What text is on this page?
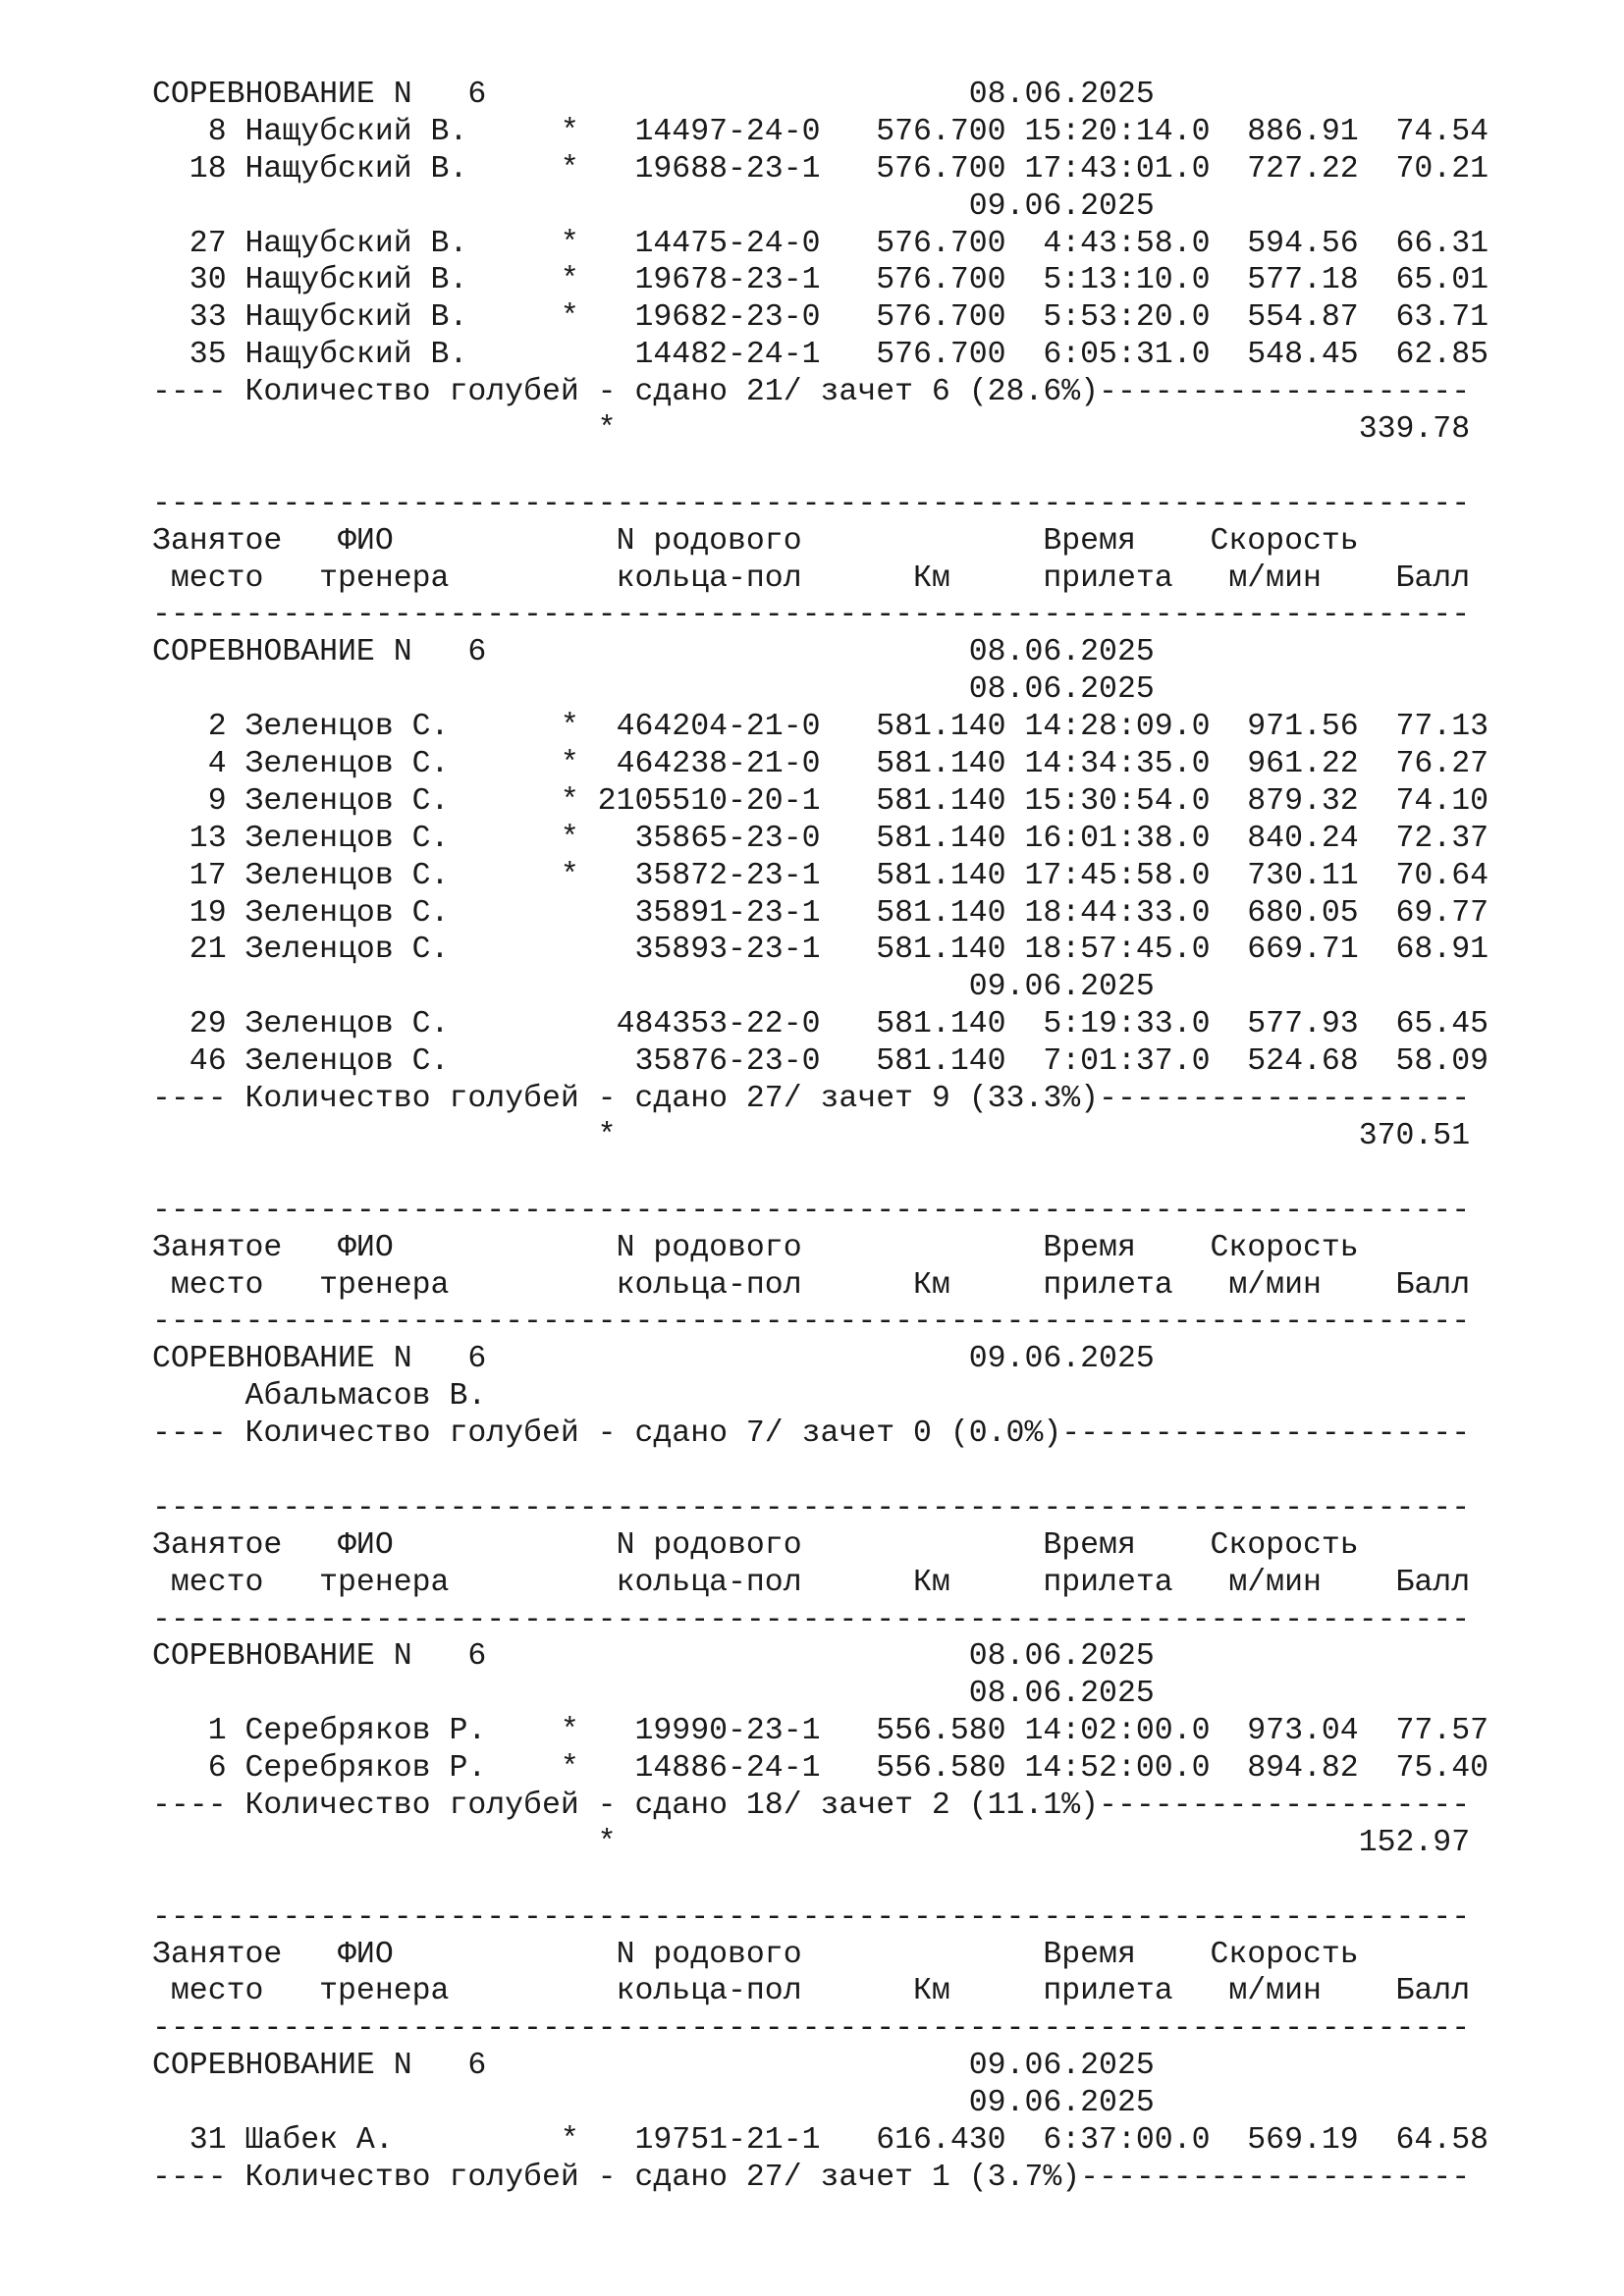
СОРЕВНОВАНИЕ N   6                          08.06.2025
8 Нащубский В.     *   14497-24-0   576.700 15:20:14.0  886.91  74.54
18 Нащубский В.     *   19688-23-1   576.700 17:43:01.0  727.22  70.21
09.06.2025
27 Нащубский В.     *   14475-24-0   576.700  4:43:58.0  594.56  66.31
30 Нащубский В.     *   19678-23-1   576.700  5:13:10.0  577.18  65.01
33 Нащубский В.     *   19682-23-0   576.700  5:53:20.0  554.87  63.71
35 Нащубский В.         14482-24-1   576.700  6:05:31.0  548.45  62.85
---- Количество голубей - сдано 21/ зачет 6 (28.6%)--------------------
*                                        339.78
-----------------------------------------------------------------------
Занятое   ФИО            N родового             Время    Скорость
место   тренера         кольца-пол      Км     прилета   м/мин    Балл
-----------------------------------------------------------------------
СОРЕВНОВАНИЕ N   6                          08.06.2025
08.06.2025
2 Зеленцов С.      *  464204-21-0   581.140 14:28:09.0  971.56  77.13
4 Зеленцов С.      *  464238-21-0   581.140 14:34:35.0  961.22  76.27
9 Зеленцов С.      * 2105510-20-1   581.140 15:30:54.0  879.32  74.10
13 Зеленцов С.      *   35865-23-0   581.140 16:01:38.0  840.24  72.37
17 Зеленцов С.      *   35872-23-1   581.140 17:45:58.0  730.11  70.64
19 Зеленцов С.          35891-23-1   581.140 18:44:33.0  680.05  69.77
21 Зеленцов С.          35893-23-1   581.140 18:57:45.0  669.71  68.91
09.06.2025
29 Зеленцов С.         484353-22-0   581.140  5:19:33.0  577.93  65.45
46 Зеленцов С.          35876-23-0   581.140  7:01:37.0  524.68  58.09
---- Количество голубей - сдано 27/ зачет 9 (33.3%)--------------------
*                                        370.51
-----------------------------------------------------------------------
Занятое   ФИО            N родового             Время    Скорость
место   тренера         кольца-пол      Км     прилета   м/мин    Балл
-----------------------------------------------------------------------
СОРЕВНОВАНИЕ N   6                          09.06.2025
Абальмасов В.
---- Количество голубей - сдано 7/ зачет 0 (0.0%)----------------------
-----------------------------------------------------------------------
Занятое   ФИО            N родового             Время    Скорость
место   тренера         кольца-пол      Км     прилета   м/мин    Балл
-----------------------------------------------------------------------
СОРЕВНОВАНИЕ N   6                          08.06.2025
08.06.2025
1 Серебряков Р.    *   19990-23-1   556.580 14:02:00.0  973.04  77.57
6 Серебряков Р.    *   14886-24-1   556.580 14:52:00.0  894.82  75.40
---- Количество голубей - сдано 18/ зачет 2 (11.1%)--------------------
*                                        152.97
-----------------------------------------------------------------------
Занятое   ФИО            N родового             Время    Скорость
место   тренера         кольца-пол      Км     прилета   м/мин    Балл
-----------------------------------------------------------------------
СОРЕВНОВАНИЕ N   6                          09.06.2025
09.06.2025
31 Шабек А.         *   19751-21-1   616.430  6:37:00.0  569.19  64.58
---- Количество голубей - сдано 27/ зачет 1 (3.7%)---------------------
